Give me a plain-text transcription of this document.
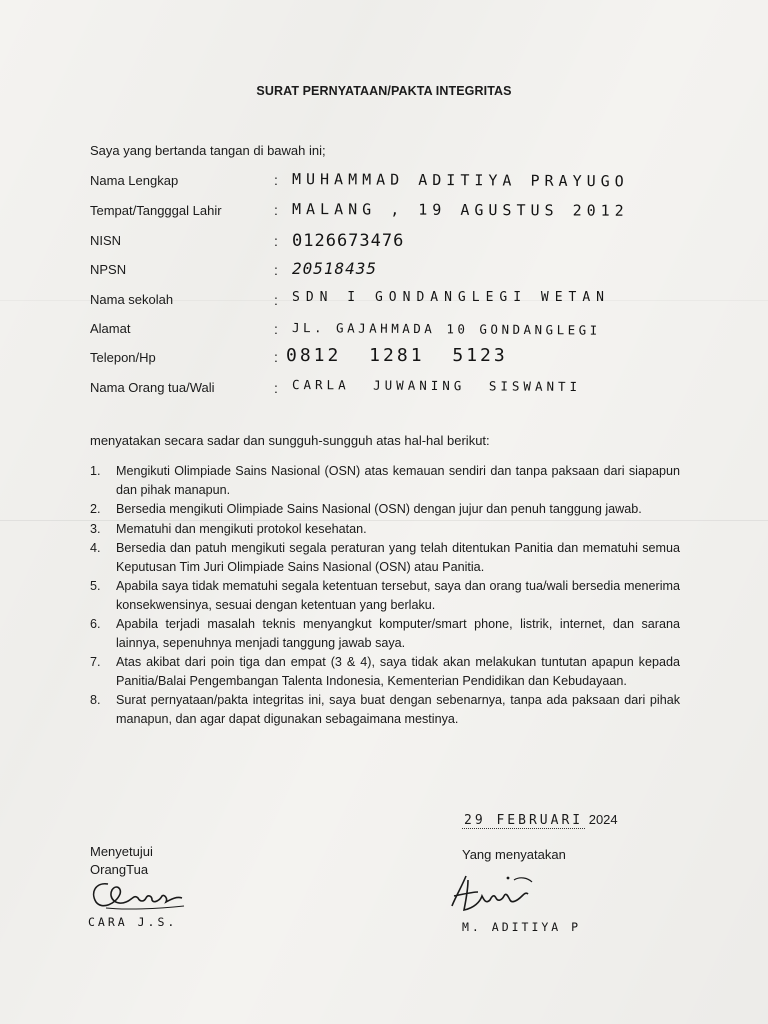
SURAT PERNYATAAN/PAKTA INTEGRITAS
Saya yang bertanda tangan di bawah ini;
Nama Lengkap	: MUHAMMAD ADITIYA PRAYUGO
Tempat/Tangggal Lahir	: MALANG , 19 AGUSTUS 2012
NISN	: 0126673476
NPSN	: 20518435
Nama sekolah	: SDN I GONDANGLEGI WETAN
Alamat	: JL. GAJAHMADA 10 GONDANGLEGI
Telepon/Hp	: 0812 1281 5123
Nama Orang tua/Wali	: CARLA JUWANING SISWANTI
menyatakan secara sadar dan sungguh-sungguh atas hal-hal berikut:
1.	Mengikuti Olimpiade Sains Nasional (OSN) atas kemauan sendiri dan tanpa paksaan dari siapapun dan pihak manapun.
2.	Bersedia mengikuti Olimpiade Sains Nasional (OSN) dengan jujur dan penuh tanggung jawab.
3.	Mematuhi dan mengikuti protokol kesehatan.
4.	Bersedia dan patuh mengikuti segala peraturan yang telah ditentukan Panitia dan mematuhi semua Keputusan Tim Juri Olimpiade Sains Nasional (OSN) atau Panitia.
5.	Apabila saya tidak mematuhi segala ketentuan tersebut, saya dan orang tua/wali bersedia menerima konsekwensinya, sesuai dengan ketentuan yang berlaku.
6.	Apabila terjadi masalah teknis menyangkut komputer/smart phone, listrik, internet, dan sarana lainnya, sepenuhnya menjadi tanggung jawab saya.
7.	Atas akibat dari poin tiga dan empat (3 & 4), saya tidak akan melakukan tuntutan apapun kepada Panitia/Balai Pengembangan Talenta Indonesia, Kementerian Pendidikan dan Kebudayaan.
8.	Surat pernyataan/pakta integritas ini, saya buat dengan sebenarnya, tanpa ada paksaan dari pihak manapun, dan agar dapat digunakan sebagaimana mestinya.
29 FEBRUARI 2024
Menyetujui
OrangTua
Yang menyatakan
CARA J.S.	M. ADITIYA P
